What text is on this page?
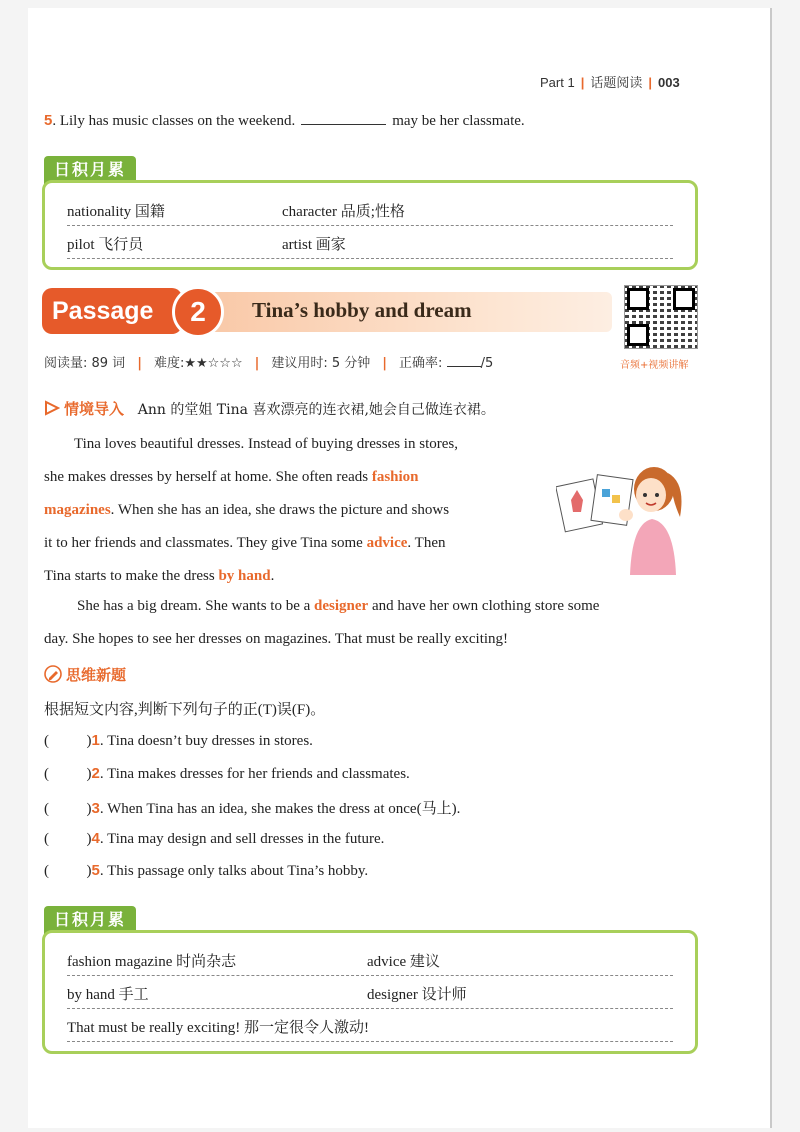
Part 1 | 话题阅读 | 003
5. Lily has music classes on the weekend.	may be her classmate.
日积月累
nationality 国籍	character 品质;性格
pilot 飞行员	artist 画家
Passage	2	Tina’s hobby and dream
音频+视频讲解
阅读量: 89 词 | 难度:★★☆☆☆ | 建议用时: 5 分钟 | 正确率:	/5
情境导入 Ann 的堂姐 Tina 喜欢漂亮的连衣裙,她会自己做连衣裙。
Tina loves beautiful dresses. Instead of buying dresses in stores,
she makes dresses by herself at home. She often reads fashion
magazines. When she has an idea, she draws the picture and shows
it to her friends and classmates. They give Tina some advice. Then
Tina starts to make the dress by hand.
She has a big dream. She wants to be a designer and have her own clothing store some
day. She hopes to see her dresses on magazines. That must be really exciting!
思维新题
根据短文内容,判断下列句子的正(T)误(F)。
(          )1. Tina doesn’t buy dresses in stores.
(          )2. Tina makes dresses for her friends and classmates.
(          )3. When Tina has an idea, she makes the dress at once(马上).
(          )4. Tina may design and sell dresses in the future.
(          )5. This passage only talks about Tina’s hobby.
日积月累
fashion magazine 时尚杂志	advice 建议
by hand 手工	designer 设计师
That must be really exciting! 那一定很令人激动!
